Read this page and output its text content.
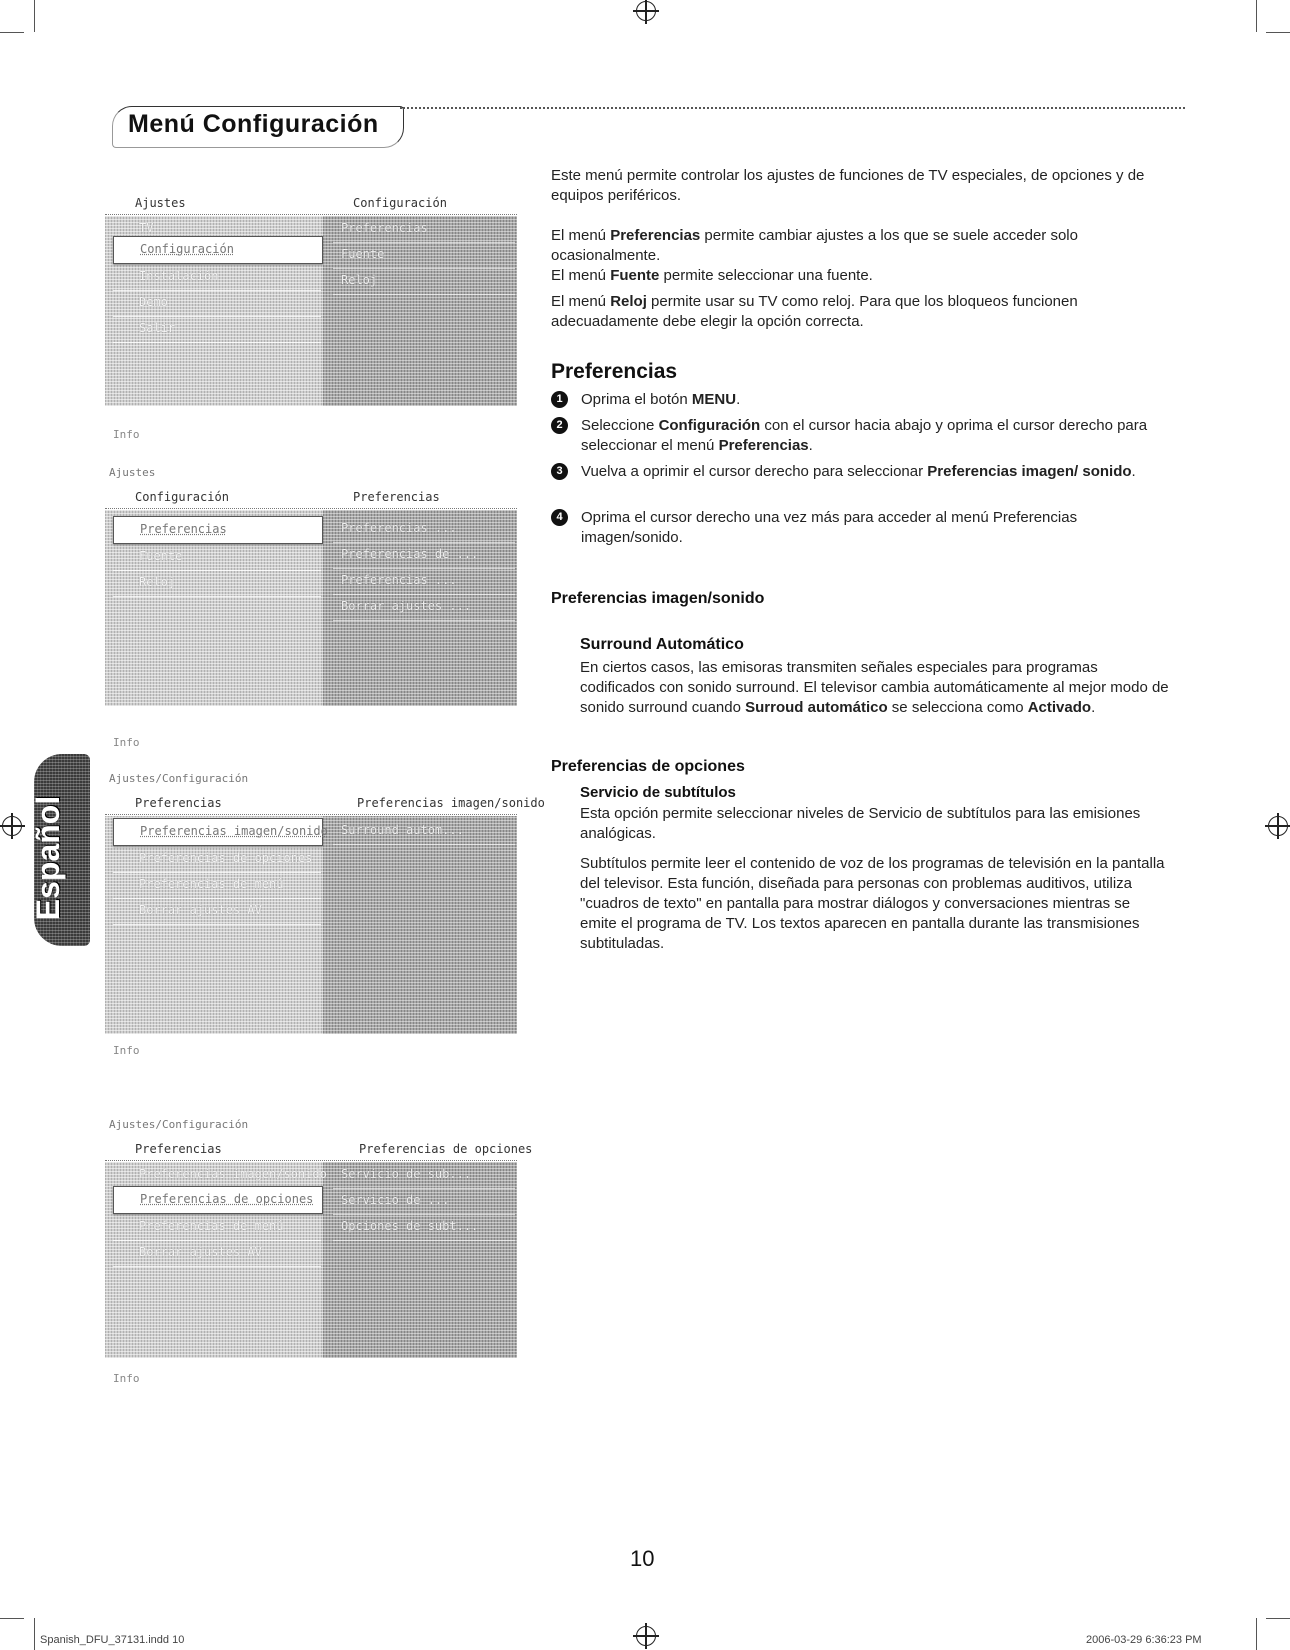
Menú Configuración
Español
Ajustes	Configuración
TV
Configuración
Instalación
Demo
Salir
Preferencias
Fuente
Reloj
Info
Ajustes
Configuración	Preferencias
Preferencias
Fuente
Reloj
Preferencias ...
Preferencias de ...
Preferencias ...
Borrar ajustes ...
Info
Ajustes/Configuración
Preferencias	Preferencias imagen/sonido
Preferencias imagen/sonido
Preferencias de opciones
Preferencias de menú
Borrar ajustes AV
Surround autom...
Info
Ajustes/Configuración
Preferencias	Preferencias de opciones
Preferencias imagen/sonido
Preferencias de opciones
Preferencias de menú
Borrar ajustes AV
Servicio de sub...
Servicio de ...
Opciones de subt...
Info

Este menú permite controlar los ajustes de funciones de TV especiales, de opciones y de equipos periféricos.

El menú Preferencias permite cambiar ajustes a los que se suele acceder solo ocasionalmente.

El menú Fuente permite seleccionar una fuente.

El menú Reloj permite usar su TV como reloj. Para que los bloqueos funcionen adecuadamente debe elegir la opción correcta.

Preferencias
1	Oprima el botón MENU.
2	Seleccione Configuración con el cursor hacia abajo y oprima el cursor derecho para seleccionar el menú Preferencias.
3	Vuelva a oprimir el cursor derecho para seleccionar Preferencias imagen/ sonido.
4	Oprima el cursor derecho una vez más para acceder al menú Preferencias imagen/sonido.
Preferencias imagen/sonido
Surround Automático
En ciertos casos, las emisoras transmiten señales especiales para programas codificados con sonido surround. El televisor cambia automáticamente al mejor modo de sonido surround cuando Surroud automático se selecciona como Activado.
Preferencias de opciones
Servicio de subtítulos
Esta opción permite seleccionar niveles de Servicio de subtítulos para las emisiones analógicas.
Subtítulos permite leer el contenido de voz de los programas de televisión en la pantalla del televisor. Esta función, diseñada para personas con problemas auditivos, utiliza "cuadros de texto" en pantalla para mostrar diálogos y conversaciones mientras se emite el programa de TV. Los textos aparecen en pantalla durante las transmisiones subtituladas.
10
Spanish_DFU_37131.indd 10	2006-03-29 6:36:23 PM
